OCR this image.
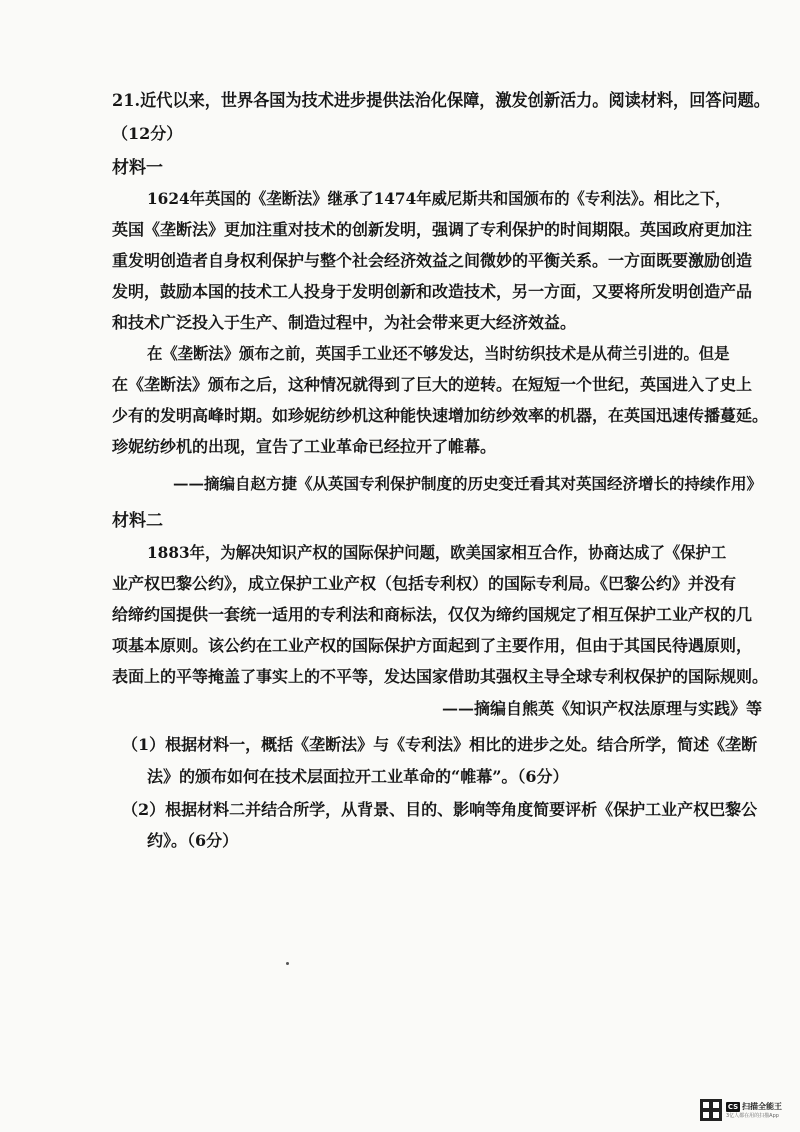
21.近代以来，世界各国为技术进步提供法治化保障，激发创新活力。阅读材料，回答问题。
（12分）
材料一
1624年英国的《垄断法》继承了1474年威尼斯共和国颁布的《专利法》。相比之下，
英国《垄断法》更加注重对技术的创新发明，强调了专利保护的时间期限。英国政府更加注
重发明创造者自身权利保护与整个社会经济效益之间微妙的平衡关系。一方面既要激励创造
发明，鼓励本国的技术工人投身于发明创新和改造技术，另一方面，又要将所发明创造产品
和技术广泛投入于生产、制造过程中，为社会带来更大经济效益。
在《垄断法》颁布之前，英国手工业还不够发达，当时纺织技术是从荷兰引进的。但是
在《垄断法》颁布之后，这种情况就得到了巨大的逆转。在短短一个世纪，英国进入了史上
少有的发明高峰时期。如珍妮纺纱机这种能快速增加纺纱效率的机器，在英国迅速传播蔓延。
珍妮纺纱机的出现，宣告了工业革命已经拉开了帷幕。
——摘编自赵方捷《从英国专利保护制度的历史变迁看其对英国经济增长的持续作用》
材料二
1883年，为解决知识产权的国际保护问题，欧美国家相互合作，协商达成了《保护工
业产权巴黎公约》，成立保护工业产权（包括专利权）的国际专利局。《巴黎公约》并没有
给缔约国提供一套统一适用的专利法和商标法，仅仅为缔约国规定了相互保护工业产权的几
项基本原则。该公约在工业产权的国际保护方面起到了主要作用，但由于其国民待遇原则，
表面上的平等掩盖了事实上的不平等，发达国家借助其强权主导全球专利权保护的国际规则。
——摘编自熊英《知识产权法原理与实践》等
（1）根据材料一，概括《垄断法》与《专利法》相比的进步之处。结合所学，简述《垄断
法》的颁布如何在技术层面拉开工业革命的“帷幕”。（6分）
（2）根据材料二并结合所学，从背景、目的、影响等角度简要评析《保护工业产权巴黎公
约》。（6分）
CS 扫描全能王
3亿人都在用的扫描App
